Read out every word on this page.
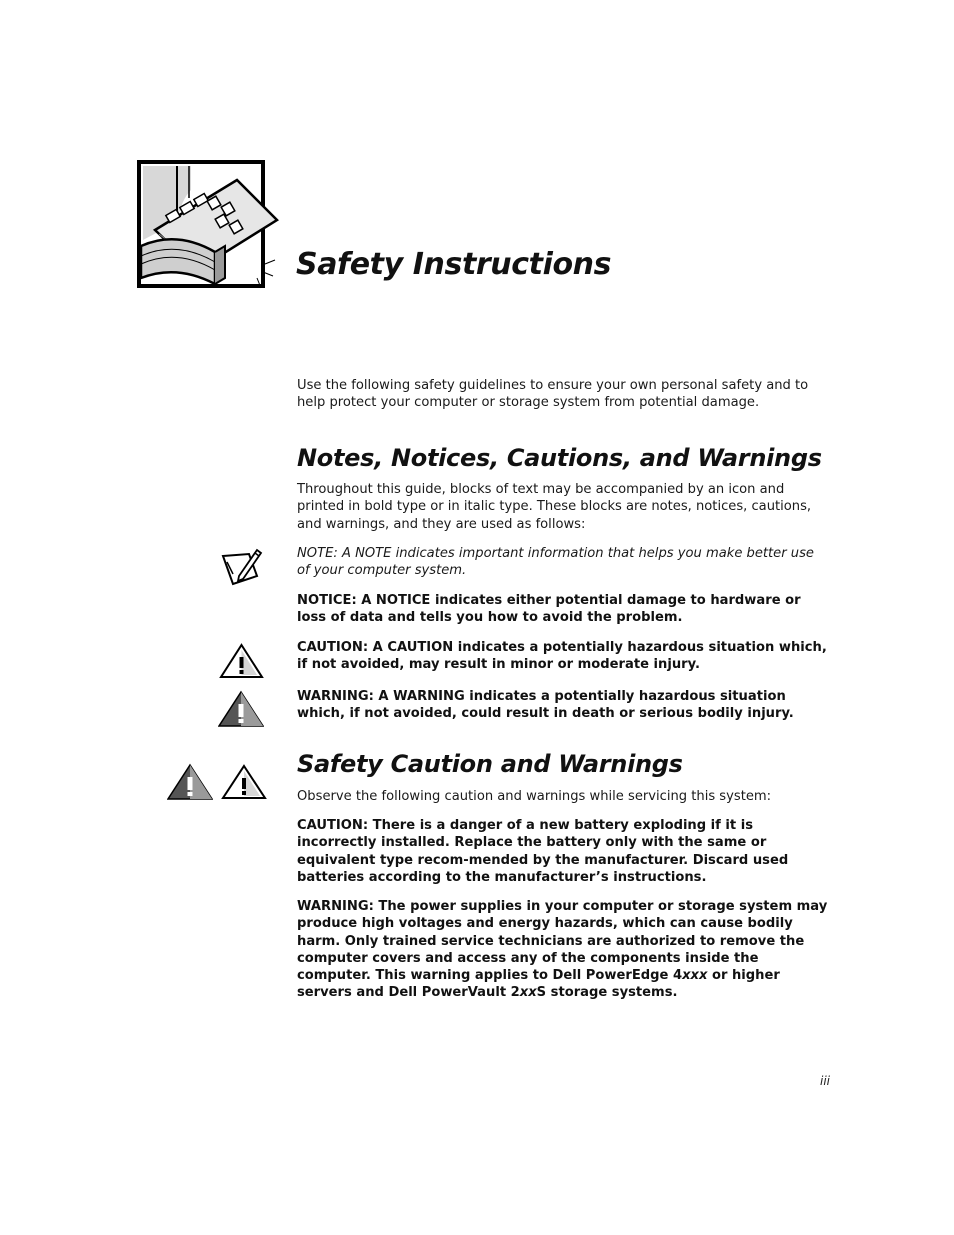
Safety Instructions

Use the following safety guidelines to ensure your own personal safety and to help protect your computer or storage system from potential damage.

Notes, Notices, Cautions, and Warnings

Throughout this guide, blocks of text may be accompanied by an icon and printed in bold type or in italic type. These blocks are notes, notices, cautions, and warnings, and they are used as follows:

NOTE: A NOTE indicates important information that helps you make better use of your computer system.

NOTICE: A NOTICE indicates either potential damage to hardware or loss of data and tells you how to avoid the problem.

CAUTION: A CAUTION indicates a potentially hazardous situation which, if not avoided, may result in minor or moderate injury.

WARNING: A WARNING indicates a potentially hazardous situation which, if not avoided, could result in death or serious bodily injury.

Safety Caution and Warnings

Observe the following caution and warnings while servicing this system:

CAUTION: There is a danger of a new battery exploding if it is incorrectly installed. Replace the battery only with the same or equivalent type recom-mended by the manufacturer. Discard used batteries according to the manufacturer’s instructions.

WARNING: The power supplies in your computer or storage system may produce high voltages and energy hazards, which can cause bodily harm. Only trained service technicians are authorized to remove the computer covers and access any of the components inside the computer. This warning applies to Dell PowerEdge 4xxx or higher servers and Dell PowerVault 2xxS storage systems.

iii
